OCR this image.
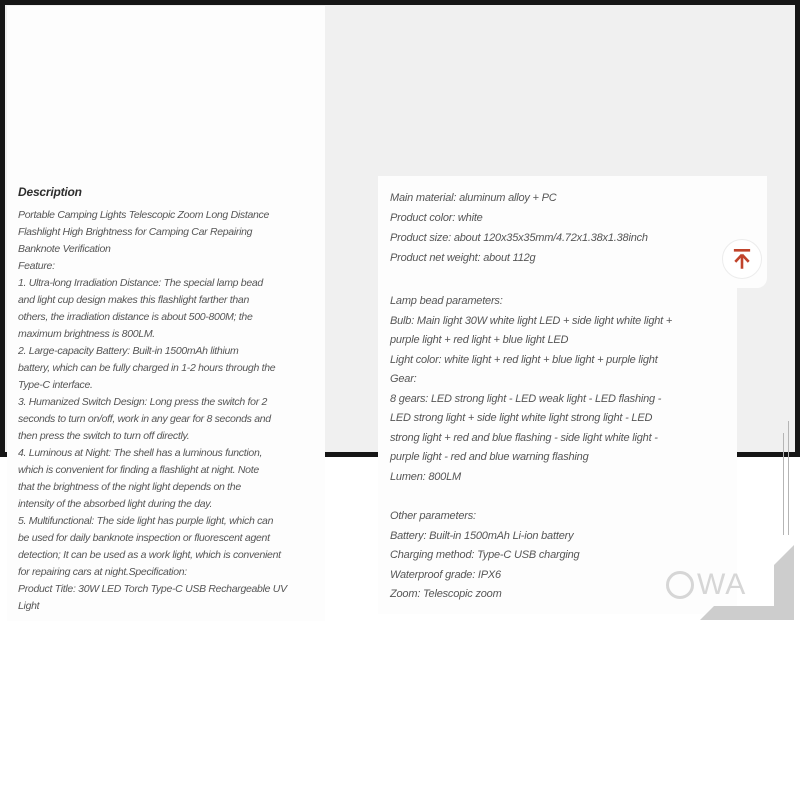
Description
Portable Camping Lights Telescopic Zoom Long Distance
Flashlight High Brightness for Camping Car Repairing
Banknote Verification
Feature:
1. Ultra-long Irradiation Distance: The special lamp bead
and light cup design makes this flashlight farther than
others, the irradiation distance is about 500-800M; the
maximum brightness is 800LM.
2. Large-capacity Battery: Built-in 1500mAh lithium
battery, which can be fully charged in 1-2 hours through the
Type-C interface.
3. Humanized Switch Design: Long press the switch for 2
seconds to turn on/off, work in any gear for 8 seconds and
then press the switch to turn off directly.
4. Luminous at Night: The shell has a luminous function,
which is convenient for finding a flashlight at night. Note
that the brightness of the night light depends on the
intensity of the absorbed light during the day.
5. Multifunctional: The side light has purple light, which can
be used for daily banknote inspection or fluorescent agent
detection; It can be used as a work light, which is convenient
for repairing cars at night.Specification:
Product Title: 30W LED Torch Type-C USB Rechargeable UV
Light
Main material: aluminum alloy + PC
Product color: white
Product size: about 120x35x35mm/4.72x1.38x1.38inch
Product net weight: about 112g
Lamp bead parameters:
Bulb: Main light 30W white light LED + side light white light +
purple light + red light + blue light LED
Light color: white light + red light + blue light + purple light
Gear:
8 gears: LED strong light - LED weak light - LED flashing -
LED strong light + side light white light strong light - LED
strong light + red and blue flashing - side light white light -
purple light - red and blue warning flashing
Lumen: 800LM
Other parameters:
Battery: Built-in 1500mAh Li-ion battery
Charging method: Type-C USB charging
Waterproof grade: IPX6
Zoom: Telescopic zoom	WA
